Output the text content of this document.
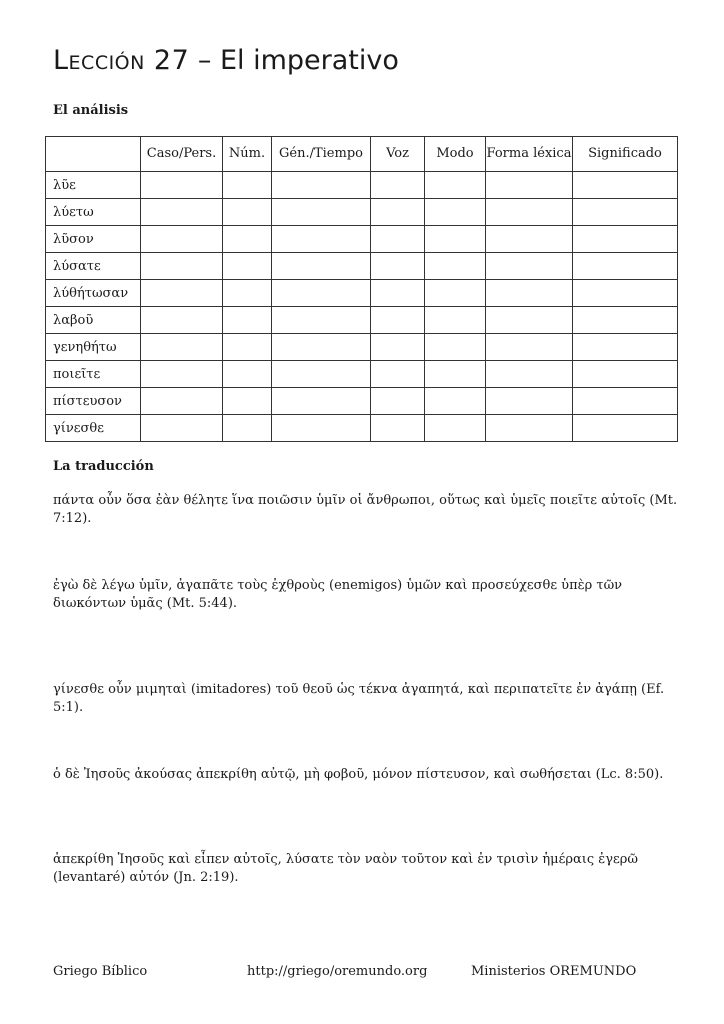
Lección 27 – El imperativo
El análisis
	Caso/Pers.	Núm.	Gén./Tiempo	Voz	Modo	Forma léxica	Significado
λῦε							
λύετω							
λῦσον							
λύσατε							
λύθήτωσαν							
λαβοῦ							
γενηθήτω							
ποιεῖτε							
πίστευσον							
γίνεσθε							
La traducción

πάντα οὖν ὅσα ἐὰν θέλητε ἵνα ποιῶσιν ὑμῖν οἱ ἄνθρωποι, οὕτως καὶ ὑμεῖς ποιεῖτε αὐτοῖς (Mt. 7:12).

ἐγὼ δὲ λέγω ὑμῖν, ἀγαπᾶτε τοὺς ἐχθροὺς (enemigos) ὑμῶν καὶ προσεύχεσθε ὑπὲρ τῶν διωκόντων ὑμᾶς (Mt. 5:44).

γίνεσθε οὖν μιμηταὶ (imitadores) τοῦ θεοῦ ὡς τέκνα ἀγαπητά, καὶ περιπατεῖτε ἐν ἀγάπῃ (Ef. 5:1).

ὁ δὲ Ἰησοῦς ἀκούσας ἀπεκρίθη αὐτῷ, μὴ φοβοῦ, μόνον πίστευσον, καὶ σωθήσεται (Lc. 8:50).

ἀπεκρίθη Ἰησοῦς καὶ εἶπεν αὐτοῖς, λύσατε τὸν ναὸν τοῦτον καὶ ἐν τρισὶν ἡμέραις ἐγερῶ (levantaré) αὐτόν (Jn. 2:19).

Griego Bíblico	http://griego/oremundo.org	Ministerios OREMUNDO
